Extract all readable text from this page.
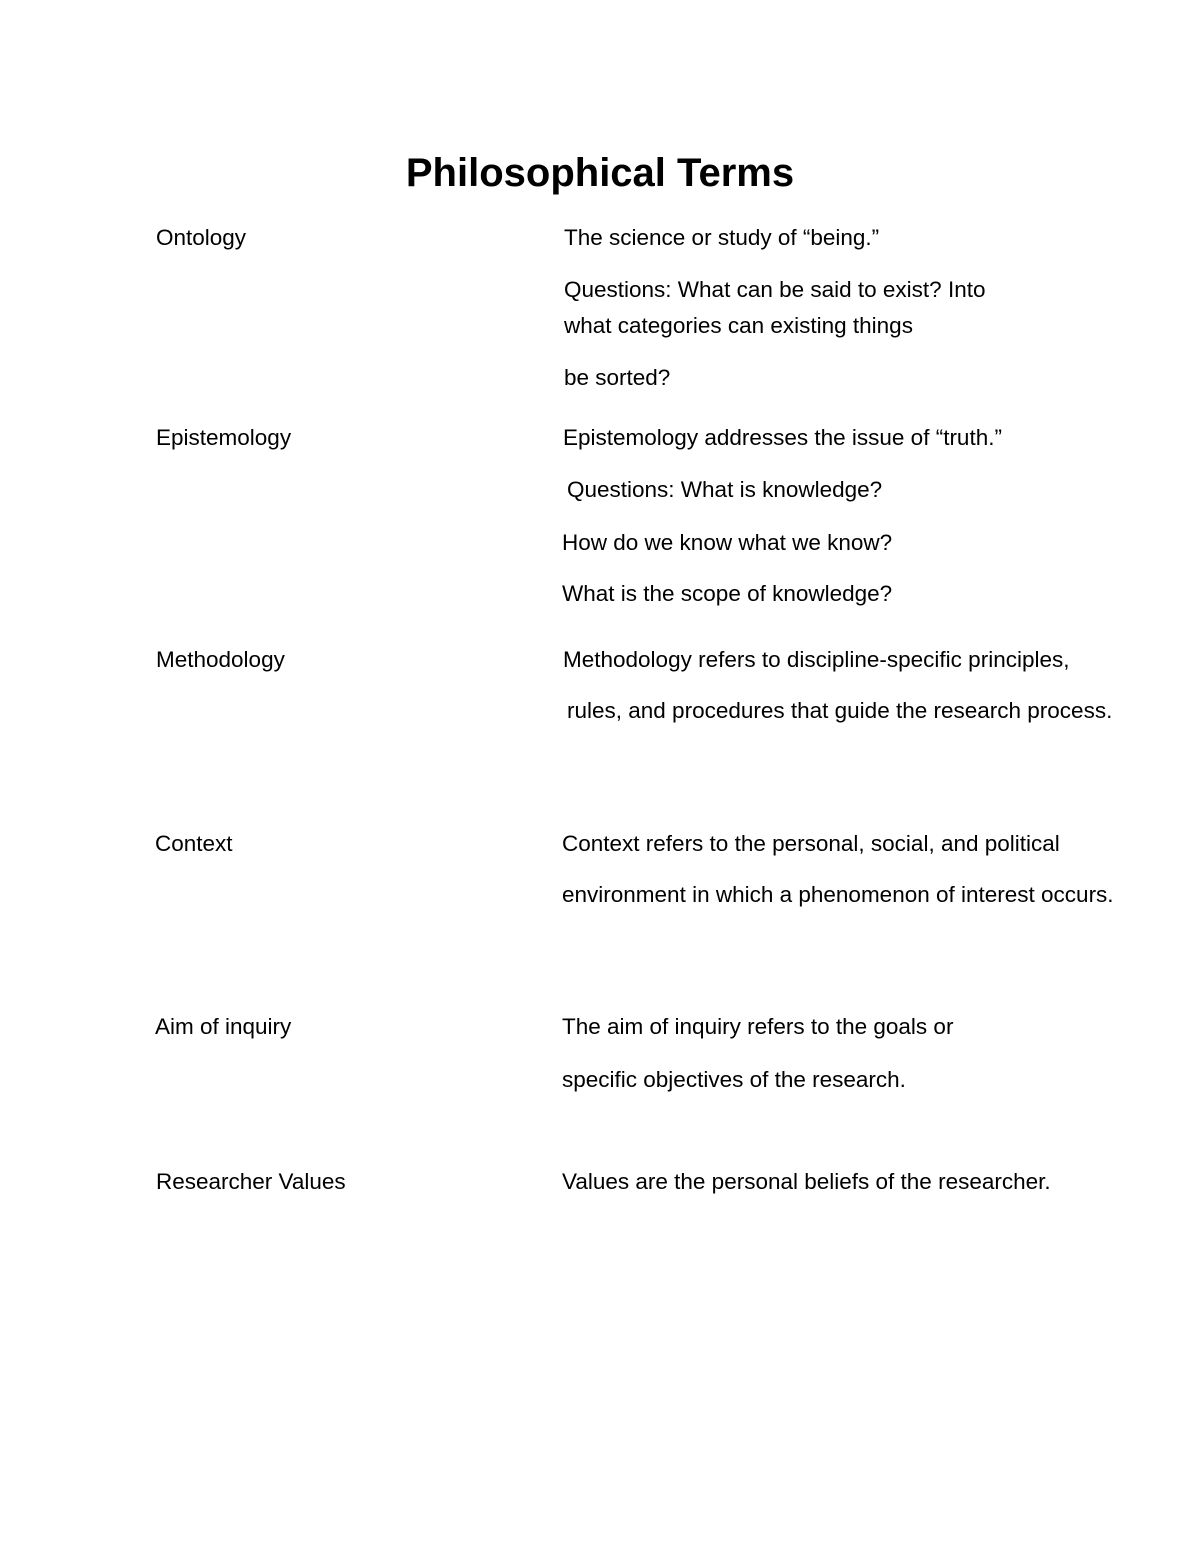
Philosophical Terms
Ontology	The science or study of “being.”
Questions: What can be said to exist? Into
what categories can existing things
be sorted?
Epistemology	Epistemology addresses the issue of “truth.”
Questions: What is knowledge?
How do we know what we know?
What is the scope of knowledge?
Methodology	Methodology refers to discipline-specific principles,
rules, and procedures that guide the research process.
Context	Context refers to the personal, social, and political
environment in which a phenomenon of interest occurs.
Aim of inquiry	The aim of inquiry refers to the goals or
specific objectives of the research.
Researcher Values	Values are the personal beliefs of the researcher.
